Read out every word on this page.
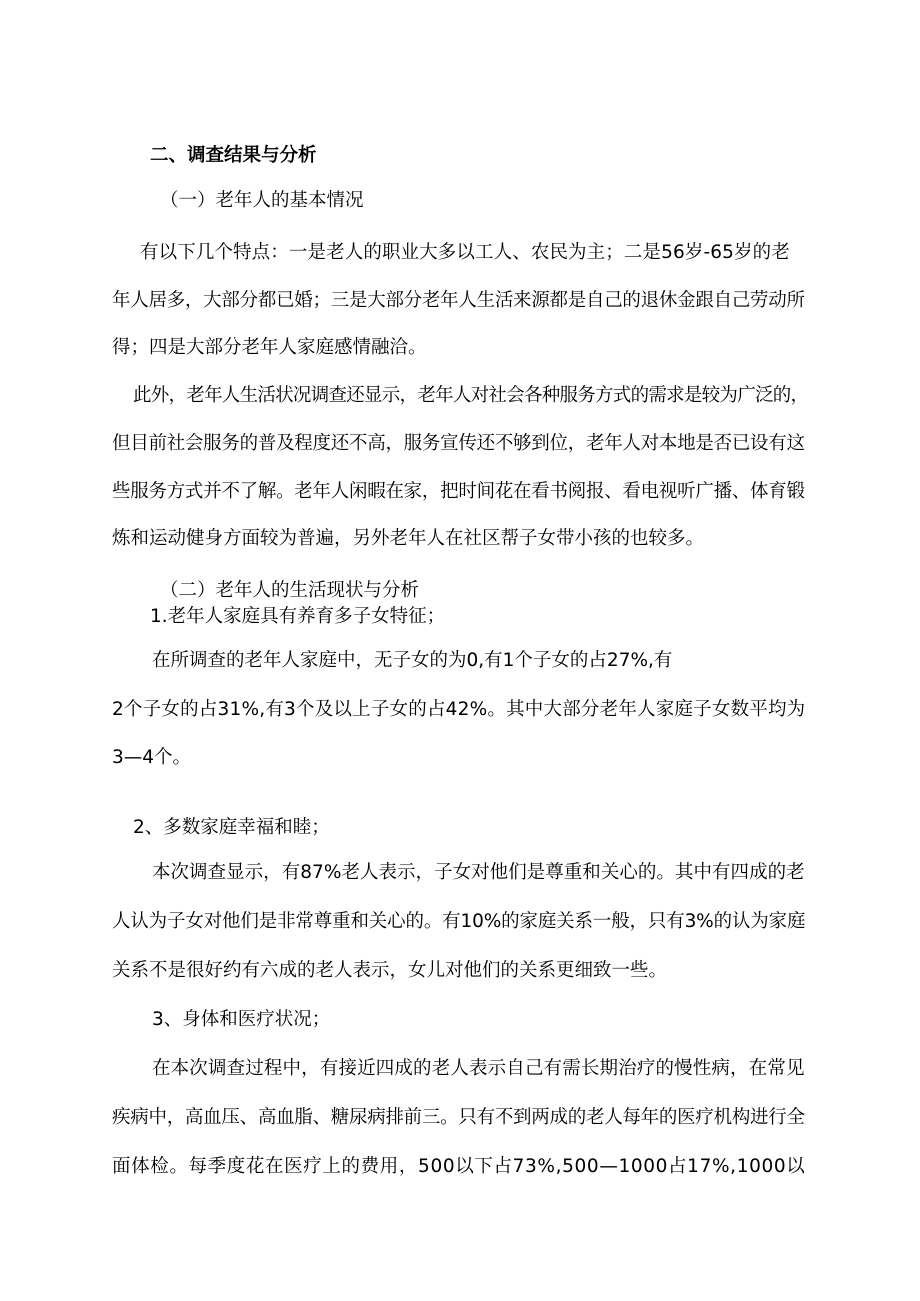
二、调查结果与分析
（一）老年人的基本情况
有以下几个特点：一是老人的职业大多以工人、农民为主；二是56岁-65岁的老
年人居多，大部分都已婚；三是大部分老年人生活来源都是自己的退休金跟自己劳动所
得；四是大部分老年人家庭感情融洽。
此外，老年人生活状况调查还显示，老年人对社会各种服务方式的需求是较为广泛的，
但目前社会服务的普及程度还不高，服务宣传还不够到位，老年人对本地是否已设有这
些服务方式并不了解。老年人闲暇在家，把时间花在看书阅报、看电视听广播、体育锻
炼和运动健身方面较为普遍，另外老年人在社区帮子女带小孩的也较多。
（二）老年人的生活现状与分析
1.老年人家庭具有养育多子女特征；
在所调查的老年人家庭中，无子女的为0,有1个子女的占27%,有
2个子女的占31%,有3个及以上子女的占42%。其中大部分老年人家庭子女数平均为
3—4个。
2、多数家庭幸福和睦；
本次调查显示，有87%老人表示，子女对他们是尊重和关心的。其中有四成的老
人认为子女对他们是非常尊重和关心的。有10%的家庭关系一般，只有3%的认为家庭
关系不是很好约有六成的老人表示，女儿对他们的关系更细致一些。
3、身体和医疗状况；
在本次调查过程中，有接近四成的老人表示自己有需长期治疗的慢性病，在常见
疾病中，高血压、高血脂、糖尿病排前三。只有不到两成的老人每年的医疗机构进行全
面体检。每季度花在医疗上的费用，500以下占73%,500—1000占17%,1000以
